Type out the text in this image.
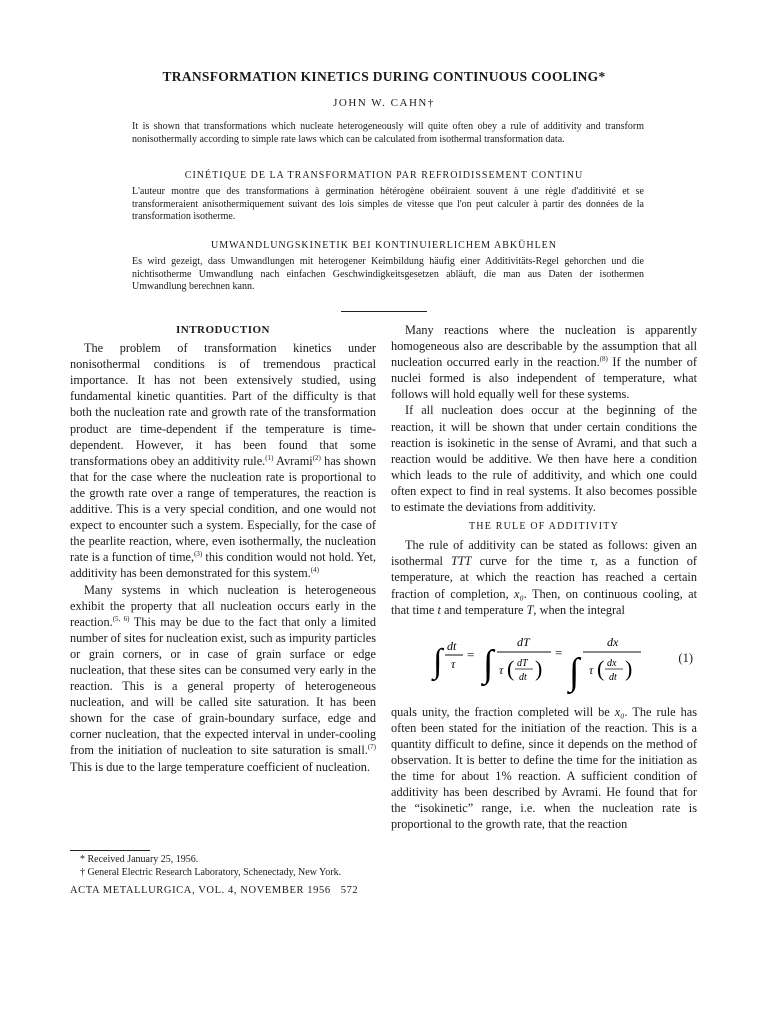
TRANSFORMATION KINETICS DURING CONTINUOUS COOLING*
JOHN W. CAHN†
It is shown that transformations which nucleate heterogeneously will quite often obey a rule of additivity and transform nonisothermally according to simple rate laws which can be calculated from isothermal transformation data.
CINÉTIQUE DE LA TRANSFORMATION PAR REFROIDISSEMENT CONTINU
L'auteur montre que des transformations à germination hétérogène obéiraient souvent à une règle d'additivité et se transformeraient anisothermiquement suivant des lois simples de vitesse que l'on peut calculer à partir des données de la transformation isotherme.
UMWANDLUNGSKINETIK BEI KONTINUIERLICHEM ABKÜHLEN
Es wird gezeigt, dass Umwandlungen mit heterogener Keimbildung häufig einer Additivitäts-Regel gehorchen und die nichtisotherme Umwandlung nach einfachen Geschwindigkeitsgesetzen abläuft, die man aus Daten der isothermen Umwandlung berechnen kann.
INTRODUCTION

The problem of transformation kinetics under nonisothermal conditions is of tremendous practical importance. It has not been extensively studied, using fundamental kinetic quantities. Part of the difficulty is that both the nucleation rate and growth rate of the transformation product are time-dependent if the temperature is time-dependent. However, it has been found that some transformations obey an additivity rule.$^{(1)}$ Avrami$^{(2)}$ has shown that for the case where the nucleation rate is proportional to the growth rate over a range of temperatures, the reaction is additive. This is a very special condition, and one would not expect to encounter such a system. Especially, for the case of the pearlite reaction, where, even isothermally, the nucleation rate is a function of time,$^{(3)}$ this condition would not hold. Yet, additivity has been demonstrated for this system.$^{(4)}$

Many systems in which nucleation is heterogeneous exhibit the property that all nucleation occurs early in the reaction.$^{(5, 6)}$ This may be due to the fact that only a limited number of sites for nucleation exist, such as impurity particles or grain corners, or in case of grain surface or edge nucleation, that these sites can be consumed very early in the reaction. This is a general property of heterogeneous nucleation, and will be called site saturation. It has been shown for the case of grain-boundary surface, edge and corner nucleation, that the expected interval in under-cooling from the initiation of nucleation to site saturation is small.$^{(7)}$ This is due to the large temperature coefficient of nucleation.

* Received January 25, 1956.

† General Electric Research Laboratory, Schenectady, New York.

ACTA METALLURGICA, VOL. 4, NOVEMBER 1956 572

Many reactions where the nucleation is apparently homogeneous also are describable by the assumption that all nucleation occurred early in the reaction.$^{(8)}$ If the number of nuclei formed is also independent of temperature, what follows will hold equally well for these systems.

If all nucleation does occur at the beginning of the reaction, it will be shown that under certain conditions the reaction is isokinetic in the sense of Avrami, and that such a reaction would be additive. We then have here a condition which leads to the rule of additivity, and which one could often expect to find in real systems. It also becomes possible to estimate the deviations from additivity.

THE RULE OF ADDITIVITY

The rule of additivity can be stated as follows: given an isothermal TTT curve for the time τ, as a function of temperature, at which the reaction has reached a certain fraction of completion, x₀. Then, on continuous cooling, at that time t and temperature T, when the integral

∫ dt
τ
= ∫
dT
τ ( dT
dt )
= ∫
dx
τ ( dx
dt )	(1)

quals unity, the fraction completed will be x₀. The rule has often been stated for the initiation of the reaction. This is a quantity difficult to define, since it depends on the method of observation. It is better to define the time for the initiation as the time for about 1% reaction. A sufficient condition of additivity has been described by Avrami. He found that for the “isokinetic” range, i.e. when the nucleation rate is proportional to the growth rate, that the reaction
